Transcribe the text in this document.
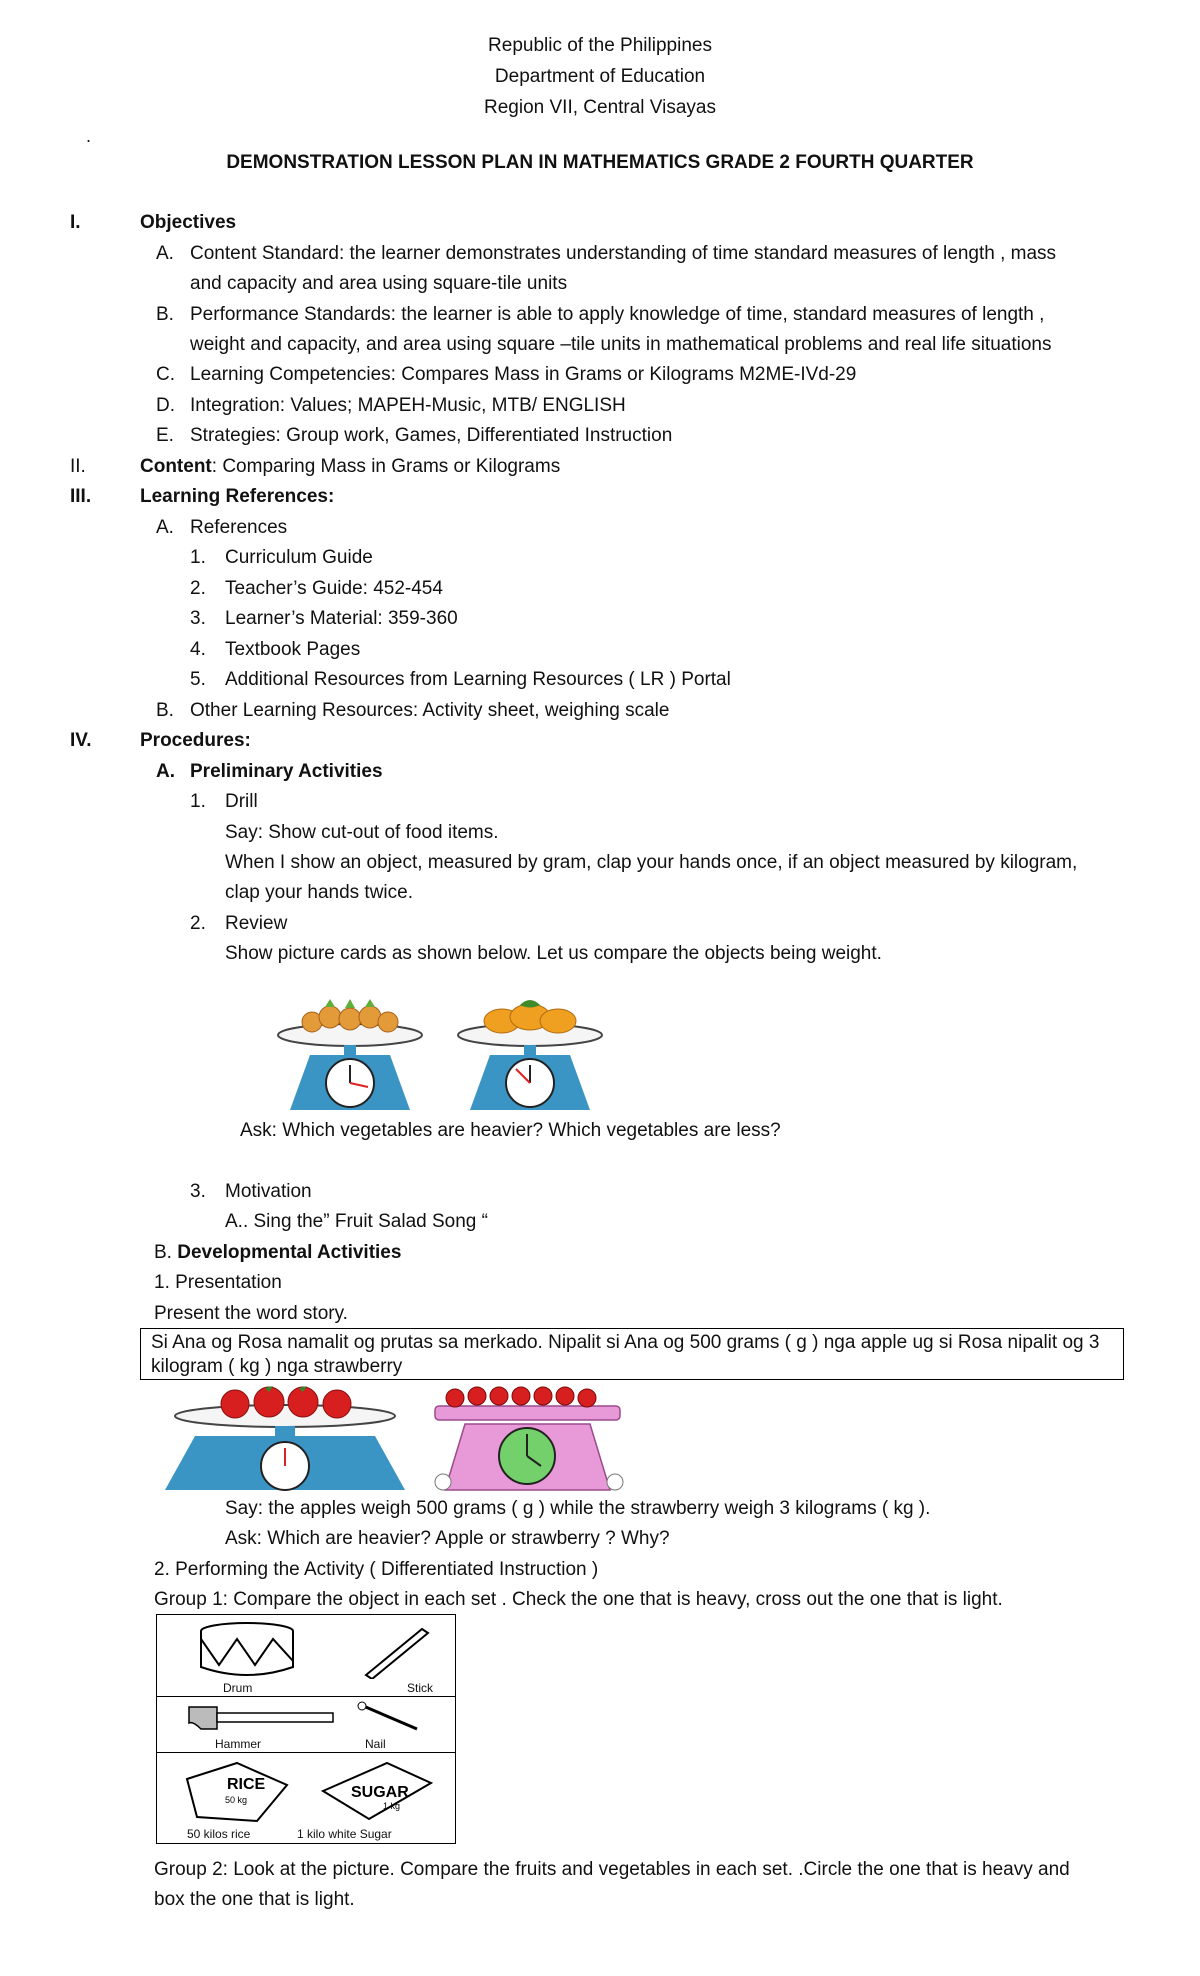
Republic of the Philippines
Department of Education
Region VII, Central Visayas
.
DEMONSTRATION LESSON PLAN IN MATHEMATICS GRADE 2 FOURTH QUARTER
I.	Objectives
A. Content Standard: the learner demonstrates understanding of time standard measures of length , mass
and capacity and area using square-tile units
B. Performance Standards: the learner is able to apply knowledge of time, standard measures of length ,
weight and capacity, and area using square –tile units in mathematical problems and real life situations
C. Learning Competencies: Compares Mass in Grams or Kilograms M2ME-IVd-29
D. Integration: Values; MAPEH-Music, MTB/ ENGLISH
E. Strategies: Group work, Games, Differentiated Instruction
II.	Content: Comparing Mass in Grams or Kilograms
III.	Learning References:
A. References
1. Curriculum Guide
2. Teacher’s Guide: 452-454
3. Learner’s Material: 359-360
4. Textbook Pages
5. Additional Resources from Learning Resources ( LR ) Portal
B. Other Learning Resources: Activity sheet, weighing scale
IV.	Procedures:
A. Preliminary Activities
1. Drill
Say: Show cut-out of food items.
When I show an object, measured by gram, clap your hands once, if an object measured by kilogram,
clap your hands twice.
2. Review
Show picture cards as shown below. Let us compare the objects being weight.
Ask: Which vegetables are heavier? Which vegetables are less?
3. Motivation
A.. Sing the” Fruit Salad Song “
B. Developmental Activities
1. Presentation
Present the word story.
Si Ana og Rosa namalit og prutas sa merkado. Nipalit si Ana og 500 grams ( g ) nga apple ug si Rosa nipalit og 3 kilogram ( kg ) nga strawberry
Say: the apples weigh 500 grams ( g ) while the strawberry weigh 3 kilograms ( kg ).
Ask: Which are heavier? Apple or strawberry ? Why?
2. Performing the Activity ( Differentiated Instruction )
Group 1: Compare the object in each set . Check the one that is heavy, cross out the one that is light.
Drum	Stick
Hammer	Nail
RICE
50 kg	SUGAR
1 kg
50 kilos rice	1 kilo white Sugar
Group 2: Look at the picture. Compare the fruits and vegetables in each set. .Circle the one that is heavy and
box the one that is light.
